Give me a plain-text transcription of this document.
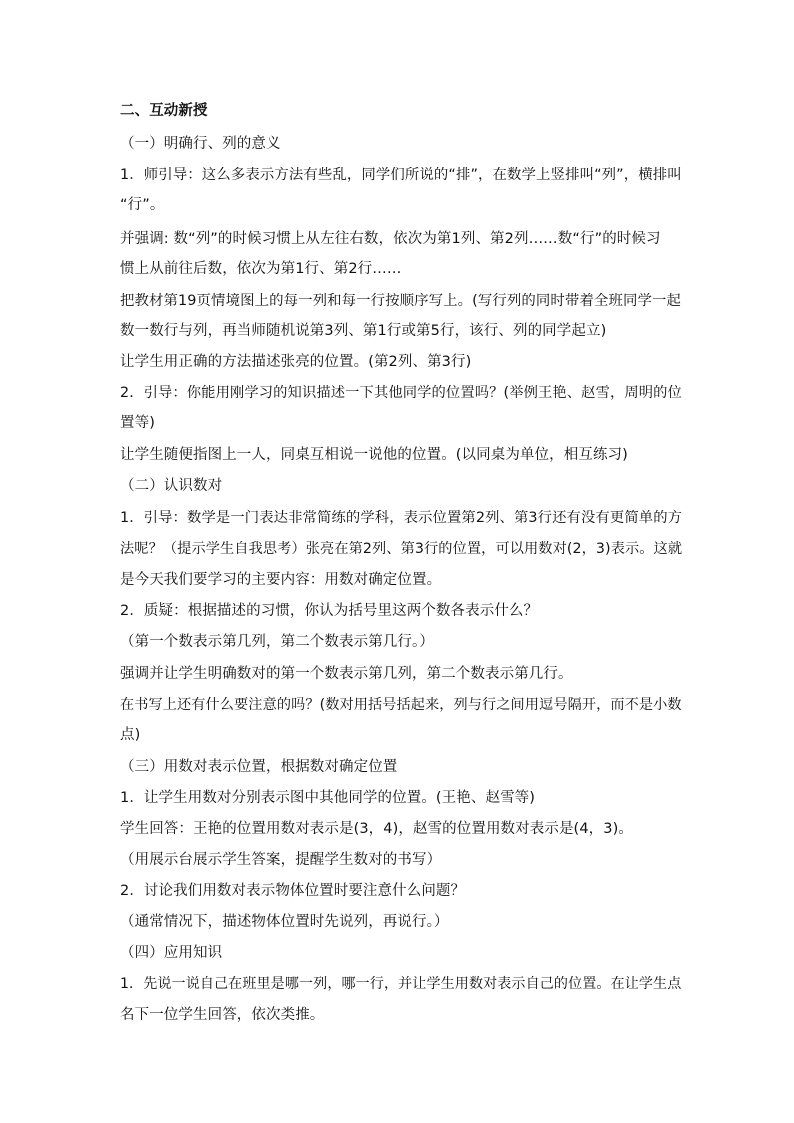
二、互动新授
（一）明确行、列的意义
1．师引导：这么多表示方法有些乱，同学们所说的“排”，在数学上竖排叫“列”，横排叫
“行”。
并强调: 数“列”的时候习惯上从左往右数，依次为第1列、第2列……数“行”的时候习
惯上从前往后数，依次为第1行、第2行……
把教材第19页情境图上的每一列和每一行按顺序写上。(写行列的同时带着全班同学一起
数一数行与列，再当师随机说第3列、第1行或第5行，该行、列的同学起立)
让学生用正确的方法描述张亮的位置。(第2列、第3行)
2．引导：你能用刚学习的知识描述一下其他同学的位置吗？(举例王艳、赵雪，周明的位
置等)
让学生随便指图上一人，同桌互相说一说他的位置。(以同桌为单位，相互练习)
（二）认识数对
1．引导：数学是一门表达非常简练的学科，表示位置第2列、第3行还有没有更简单的方
法呢？（提示学生自我思考）张亮在第2列、第3行的位置，可以用数对(2，3)表示。这就
是今天我们要学习的主要内容：用数对确定位置。
2．质疑：根据描述的习惯，你认为括号里这两个数各表示什么？
（第一个数表示第几列，第二个数表示第几行。）
强调并让学生明确数对的第一个数表示第几列，第二个数表示第几行。
在书写上还有什么要注意的吗？(数对用括号括起来，列与行之间用逗号隔开，而不是小数
点)
（三）用数对表示位置，根据数对确定位置
1．让学生用数对分别表示图中其他同学的位置。(王艳、赵雪等)
学生回答：王艳的位置用数对表示是(3，4)，赵雪的位置用数对表示是(4，3)。
（用展示台展示学生答案，提醒学生数对的书写）
2．讨论我们用数对表示物体位置时要注意什么问题？
（通常情况下，描述物体位置时先说列，再说行。）
（四）应用知识
1．先说一说自己在班里是哪一列，哪一行，并让学生用数对表示自己的位置。在让学生点
名下一位学生回答，依次类推。
